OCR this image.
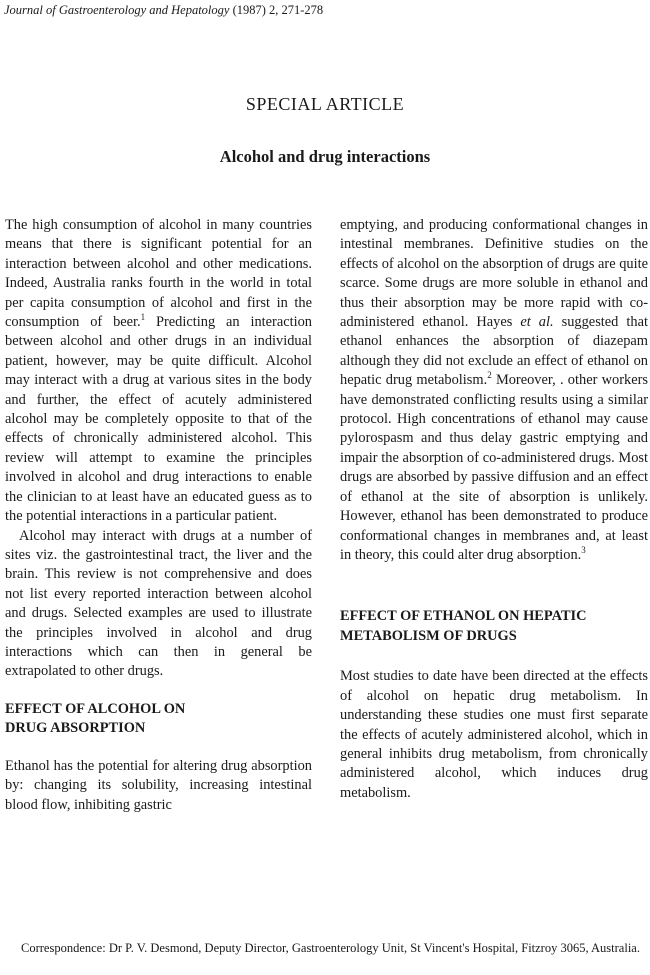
Journal of Gastroenterology and Hepatology (1987) 2, 271-278
SPECIAL ARTICLE
Alcohol and drug interactions

The high consumption of alcohol in many countries means that there is significant potential for an interaction between alcohol and other medications. Indeed, Australia ranks fourth in the world in total per capita consumption of alcohol and first in the consumption of beer.$^1$ Predicting an interaction between alcohol and other drugs in an individual patient, however, may be quite difficult. Alcohol may interact with a drug at various sites in the body and further, the effect of acutely administered alcohol may be completely opposite to that of the effects of chronically administered alcohol. This review will attempt to examine the principles involved in alcohol and drug interactions to enable the clinician to at least have an educated guess as to the potential interactions in a particular patient.

Alcohol may interact with drugs at a number of sites viz. the gastrointestinal tract, the liver and the brain. This review is not comprehensive and does not list every reported interaction between alcohol and drugs. Selected examples are used to illustrate the principles involved in alcohol and drug interactions which can then in general be extrapolated to other drugs.

EFFECT OF ALCOHOL ON
DRUG ABSORPTION

Ethanol has the potential for altering drug absorption by: changing its solubility, increasing intestinal blood flow, inhibiting gastric

emptying, and producing conformational changes in intestinal membranes. Definitive studies on the effects of alcohol on the absorption of drugs are quite scarce. Some drugs are more soluble in ethanol and thus their absorption may be more rapid with co-administered ethanol. Hayes et al. suggested that ethanol enhances the absorption of diazepam although they did not exclude an effect of ethanol on hepatic drug metabolism.$^2$ Moreover, . other workers have demonstrated conflicting results using a similar protocol. High concentrations of ethanol may cause pylorospasm and thus delay gastric emptying and impair the absorption of co-administered drugs. Most drugs are absorbed by passive diffusion and an effect of ethanol at the site of absorption is unlikely. However, ethanol has been demonstrated to produce conformational changes in membranes and, at least in theory, this could alter drug absorption.$^3$

EFFECT OF ETHANOL ON HEPATIC
METABOLISM OF DRUGS

Most studies to date have been directed at the effects of alcohol on hepatic drug metabolism. In understanding these studies one must first separate the effects of acutely administered alcohol, which in general inhibits drug metabolism, from chronically administered alcohol, which induces drug metabolism.

Correspondence: Dr P. V. Desmond, Deputy Director, Gastroenterology Unit, St Vincent's Hospital, Fitzroy 3065, Australia.
